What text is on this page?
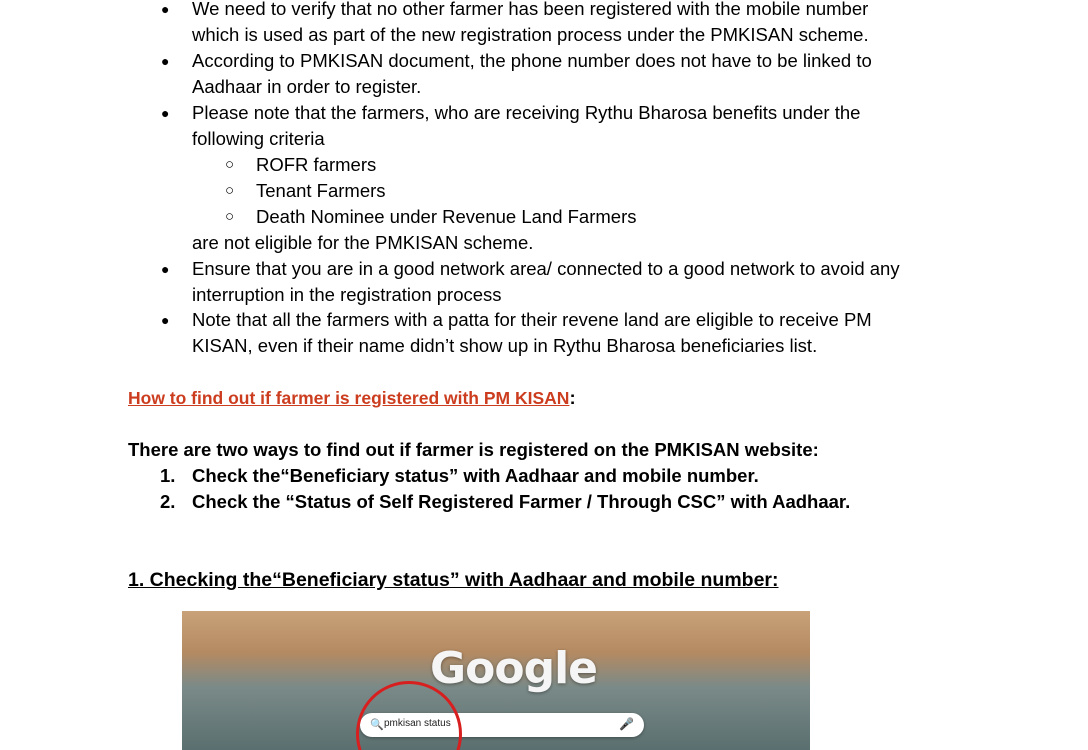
● We need to verify that no other farmer has been registered with the mobile number
which is used as part of the new registration process under the PMKISAN scheme.
● According to PMKISAN document, the phone number does not have to be linked to
Aadhaar in order to register.
● Please note that the farmers, who are receiving Rythu Bharosa benefits under the
following criteria
○ ROFR farmers
○ Tenant Farmers
○ Death Nominee under Revenue Land Farmers
are not eligible for the PMKISAN scheme.
● Ensure that you are in a good network area/ connected to a good network to avoid any
interruption in the registration process
● Note that all the farmers with a patta for their revene land are eligible to receive PM
KISAN, even if their name didn’t show up in Rythu Bharosa beneficiaries list.
How to find out if farmer is registered with PM KISAN:
There are two ways to find out if farmer is registered on the PMKISAN website:
1. Check the“Beneficiary status” with Aadhaar and mobile number.
2. Check the “Status of Self Registered Farmer / Through CSC” with Aadhaar.
1. Checking the“Beneficiary status” with Aadhaar and mobile number:
Google
🔍 pmkisan status	🎤
